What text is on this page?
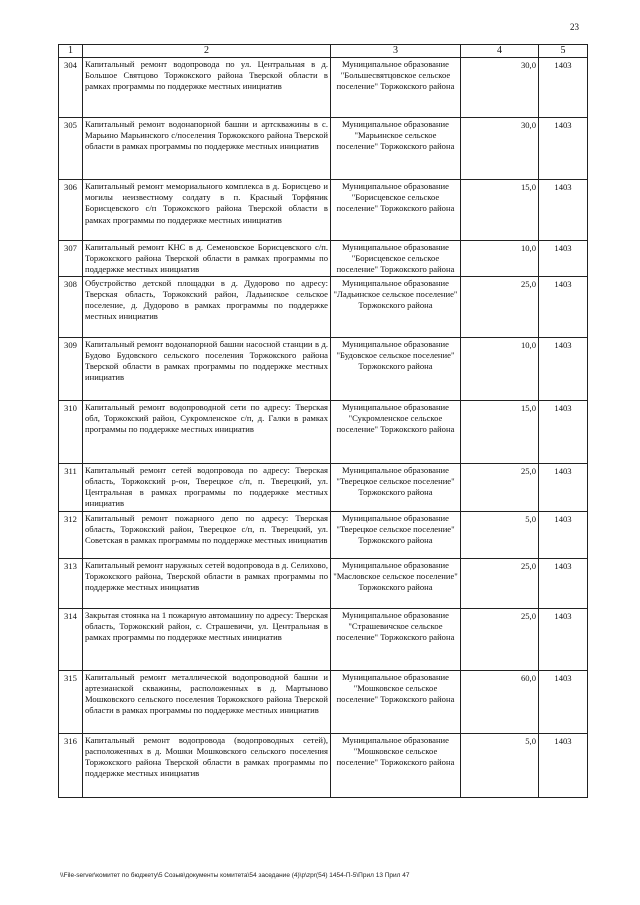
23
1	2	3	4	5
304	Капитальный ремонт водопровода по ул. Центральная в д. Большое Святцово Торжокского района Тверской области в рамках программы по поддержке местных инициатив	Муниципальное образование "Большесвятцовское сельское поселение" Торжокского района	30,0	1403
305	Капитальный ремонт водонапорной башни и артскважины в с. Марьино Марьинского с/поселения Торжокского района Тверской области в рамках программы по поддержке местных инициатив	Муниципальное образование "Марьинское сельское поселение" Торжокского района	30,0	1403
306	Капитальный ремонт мемориального комплекса в д. Борисцево и могилы неизвестному солдату в п. Красный Торфяник Борисцевского с/п Торжокского района Тверской области в рамках программы по поддержке местных инициатив	Муниципальное образование "Борисцевское сельское поселение" Торжокского района	15,0	1403
307	Капитальный ремонт КНС в д. Семеновское Борисцевского с/п. Торжокского района Тверской области в рамках программы по поддержке местных инициатив	Муниципальное образование "Борисцевское сельское поселение" Торжокского района	10,0	1403
308	Обустройство детской площадки в д. Дудорово по адресу: Тверская область, Торжокский район, Ладьинское сельское поселение, д. Дудорово в рамках программы по поддержке местных инициатив	Муниципальное образование "Ладьинское сельское поселение" Торжокского района	25,0	1403
309	Капитальный ремонт водонапорной башни насосной станции в д. Будово Будовского сельского поселения Торжокского района Тверской области в рамках программы по поддержке местных инициатив	Муниципальное образование "Будовское сельское поселение" Торжокского района	10,0	1403
310	Капитальный ремонт водопроводной сети по адресу: Тверская обл, Торжокский район, Сукромленское с/п, д. Галки в рамках программы по поддержке местных инициатив	Муниципальное образование "Сукромленское сельское поселение" Торжокского района	15,0	1403
311	Капитальный ремонт сетей водопровода по адресу: Тверская область, Торжокский р-он, Тверецкое с/п, п. Тверецкий, ул. Центральная в рамках программы по поддержке местных инициатив	Муниципальное образование "Тверецкое сельское поселение" Торжокского района	25,0	1403
312	Капитальный ремонт пожарного депо по адресу: Тверская область, Торжокский район, Тверецкое с/п, п. Тверецкий, ул. Советская в рамках программы по поддержке местных инициатив	Муниципальное образование "Тверецкое сельское поселение" Торжокского района	5,0	1403
313	Капитальный ремонт наружных сетей водопровода в д. Селихово, Торжокского района, Тверской области в рамках программы по поддержке местных инициатив	Муниципальное образование "Масловское сельское поселение" Торжокского района	25,0	1403
314	Закрытая стоянка на 1 пожарную автомашину по адресу: Тверская область, Торжокский район, с. Страшевичи, ул. Центральная в рамках программы по поддержке местных инициатив	Муниципальное образование "Страшевичское сельское поселение" Торжокского района	25,0	1403
315	Капитальный ремонт металлической водопроводной башни и артезианской скважины, расположенных в д. Мартыново Мошковского сельского поселения Торжокского района Тверской области в рамках программы по поддержке местных инициатив	Муниципальное образование "Мошковское сельское поселение" Торжокского района	60,0	1403
316	Капитальный ремонт водопровода (водопроводных сетей), расположенных в д. Мошки Мошковского сельского поселения Торжокского района Тверской области в рамках программы по поддержке местных инициатив	Муниципальное образование "Мошковское сельское поселение" Торжокского района	5,0	1403
\\File-server\комитет по бюджету\5 Созыв\документы комитета\54 заседание (4)\p\zpr(54) 1454-П-5\Прил 13 Прил 47
